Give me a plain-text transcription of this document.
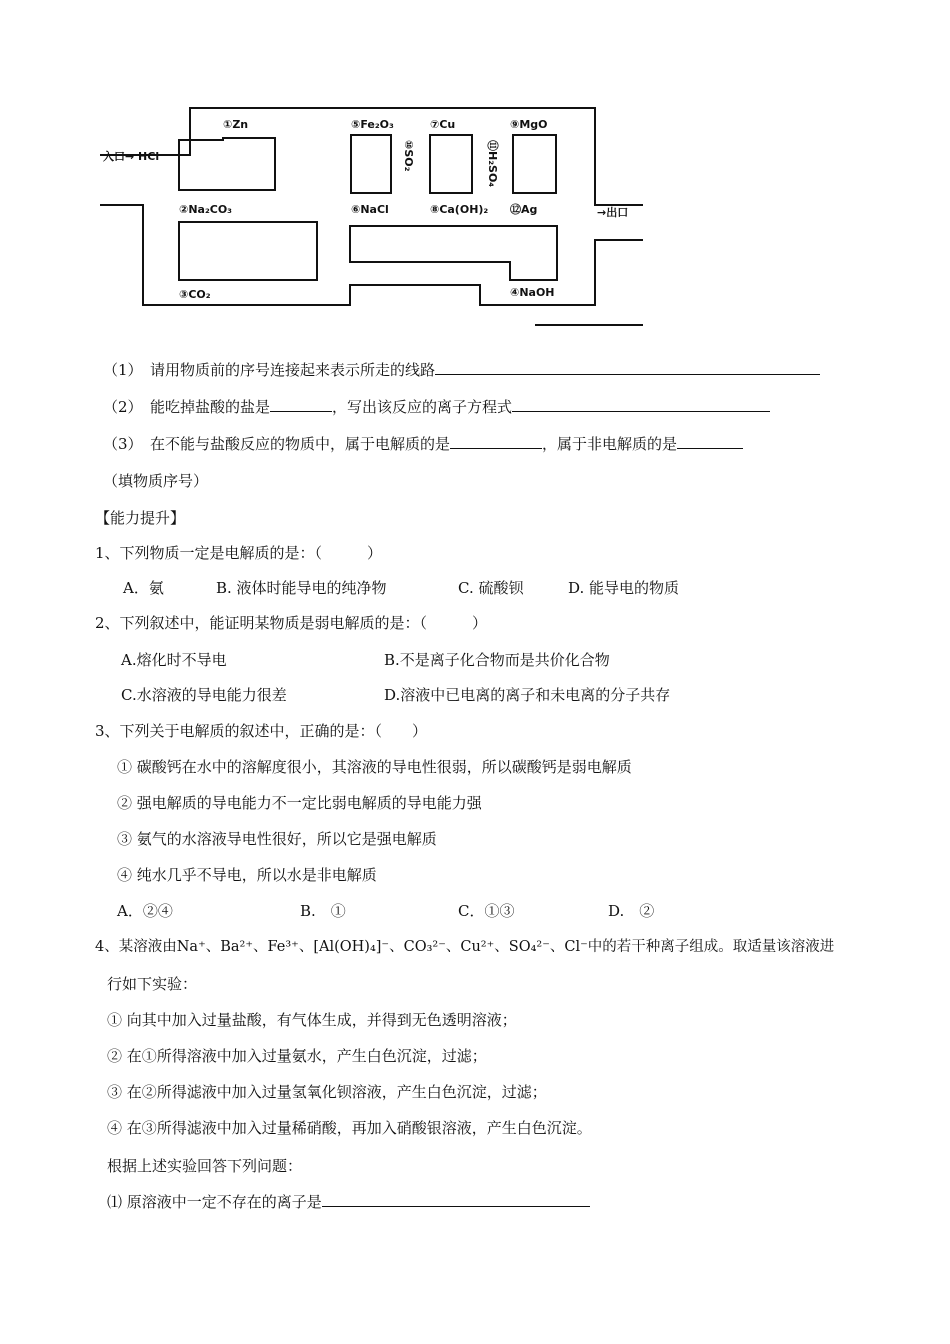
入口→ HCl
→出口
①Zn
②Na₂CO₃
③CO₂	④NaOH
⑤Fe₂O₃
⑥NaCl
⑦Cu
⑧Ca(OH)₂
⑨MgO
⑫Ag
⑩SO₂	⑪H₂SO₄
（1）　请用物质前的序号连接起来表示所走的线路
（2）　能吃掉盐酸的盐是	，写出该反应的离子方程式
（3）　在不能与盐酸反应的物质中，属于电解质的是	，属于非电解质的是
（填物质序号）
【能力提升】
1、下列物质一定是电解质的是：（　　　）
A．氨	B. 液体时能导电的纯净物	C. 硫酸钡	D. 能导电的物质
2、下列叙述中，能证明某物质是弱电解质的是：（　　　）
A.熔化时不导电	B.不是离子化合物而是共价化合物
C.水溶液的导电能力很差	D.溶液中已电离的离子和未电离的分子共存
3、下列关于电解质的叙述中，正确的是：（　　）
① 碳酸钙在水中的溶解度很小，其溶液的导电性很弱，所以碳酸钙是弱电解质
② 强电解质的导电能力不一定比弱电解质的导电能力强
③ 氨气的水溶液导电性很好，所以它是强电解质
④ 纯水几乎不导电，所以水是非电解质
A．②④	B.　①	C．①③	D.　②
4、某溶液由Na⁺、Ba²⁺、Fe³⁺、[Al(OH)₄]⁻、CO₃²⁻、Cu²⁺、SO₄²⁻、Cl⁻中的若干种离子组成。取适量该溶液进
行如下实验：
① 向其中加入过量盐酸，有气体生成，并得到无色透明溶液；
② 在①所得溶液中加入过量氨水，产生白色沉淀，过滤；
③ 在②所得滤液中加入过量氢氧化钡溶液，产生白色沉淀，过滤；
④ 在③所得滤液中加入过量稀硝酸，再加入硝酸银溶液，产生白色沉淀。
根据上述实验回答下列问题：
⑴ 原溶液中一定不存在的离子是
